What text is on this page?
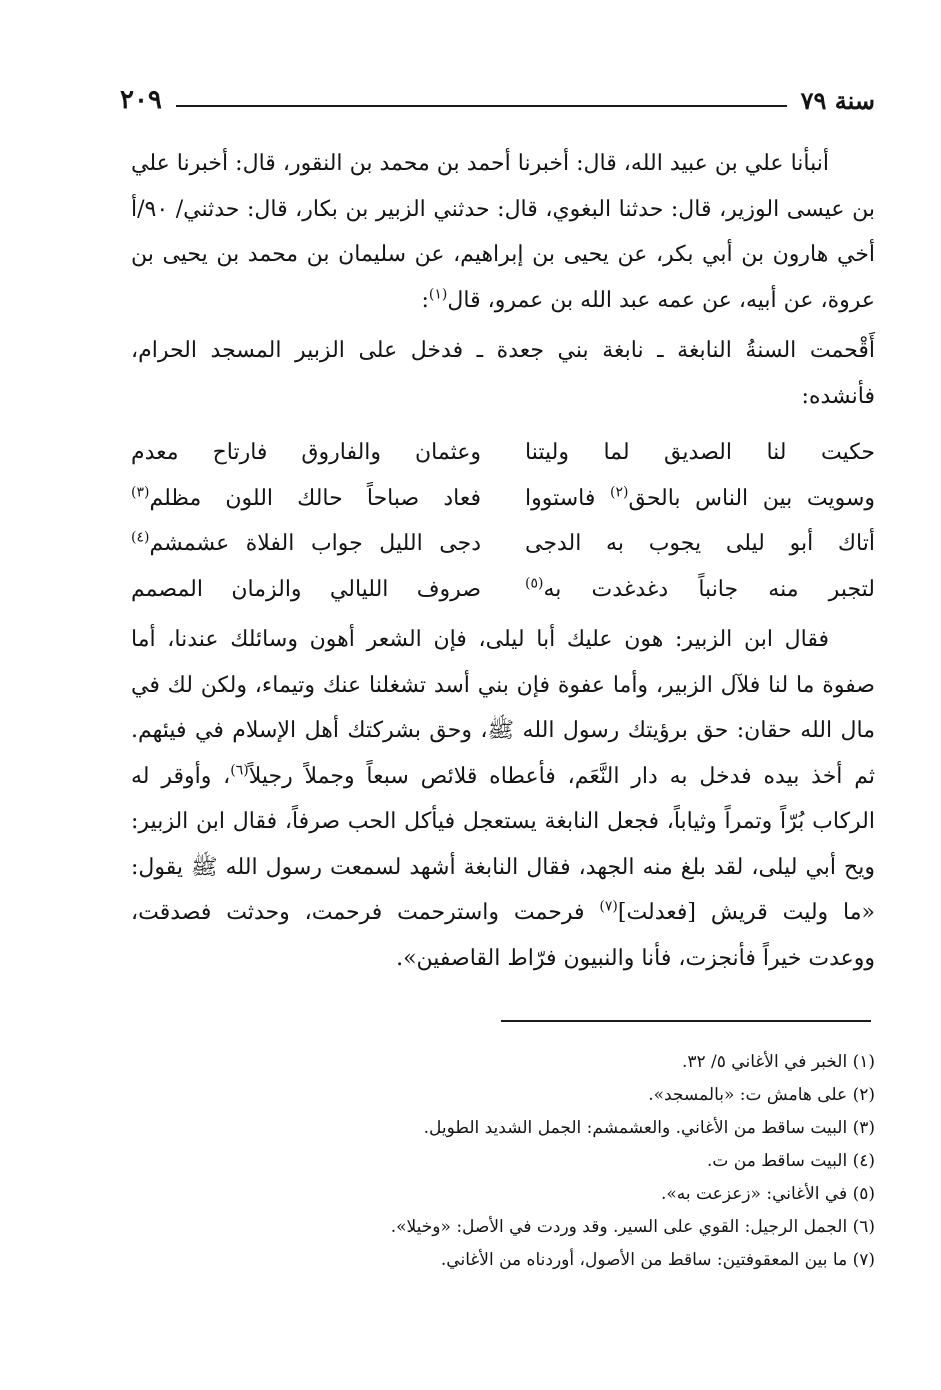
سنة ٧٩
٢٠٩

أنبأنا علي بن عبيد الله، قال: أخبرنا أحمد بن محمد بن النقور، قال: أخبرنا علي بن عيسى الوزير، قال: حدثنا البغوي، قال: حدثني الزبير بن بكار، قال: حدثني/ ٩٠/أ أخي هارون بن أبي بكر، عن يحيى بن إبراهيم، عن سليمان بن محمد بن يحيى بن عروة، عن أبيه، عن عمه عبد الله بن عمرو، قال$^{(١)}$:

أَقْحمت السنةُ النابغة ـ نابغة بني جعدة ـ فدخل على الزبير المسجد الحرام، فأنشده:

حكيت لنا الصديق لما وليتنا
وعثمان والفاروق فارتاح معدم
وسويت بين الناس بالحق$^{(٢)}$ فاستووا
فعاد صباحاً حالك اللون مظلم$^{(٣)}$
أتاك أبو ليلى يجوب به الدجى
دجى الليل جواب الفلاة عشمشم$^{(٤)}$
لتجبر منه جانباً دغدغدت به$^{(٥)}$
صروف الليالي والزمان المصمم

فقال ابن الزبير: هون عليك أبا ليلى، فإن الشعر أهون وسائلك عندنا، أما صفوة ما لنا فلآل الزبير، وأما عفوة فإن بني أسد تشغلنا عنك وتيماء، ولكن لك في مال الله حقان: حق برؤيتك رسول الله ﷺ، وحق بشركتك أهل الإسلام في فيئهم. ثم أخذ بيده فدخل به دار النَّعَم، فأعطاه قلائص سبعاً وجملاً رجيلاً$^{(٦)}$، وأوقر له الركاب بُرّاً وتمراً وثياباً، فجعل النابغة يستعجل فيأكل الحب صرفاً، فقال ابن الزبير: ويح أبي ليلى، لقد بلغ منه الجهد، فقال النابغة أشهد لسمعت رسول الله ﷺ يقول: «ما وليت قريش [فعدلت]$^{(٧)}$ فرحمت واسترحمت فرحمت، وحدثت فصدقت، ووعدت خيراً فأنجزت، فأنا والنبيون فرّاط القاصفين».

(١) الخبر في الأغاني ٥/ ٣٢.
(٢) على هامش ت: «بالمسجد».
(٣) البيت ساقط من الأغاني. والعشمشم: الجمل الشديد الطويل.
(٤) البيت ساقط من ت.
(٥) في الأغاني: «زعزعت به».
(٦) الجمل الرجيل: القوي على السير. وقد وردت في الأصل: «وخيلا».
(٧) ما بين المعقوفتين: ساقط من الأصول، أوردناه من الأغاني.
